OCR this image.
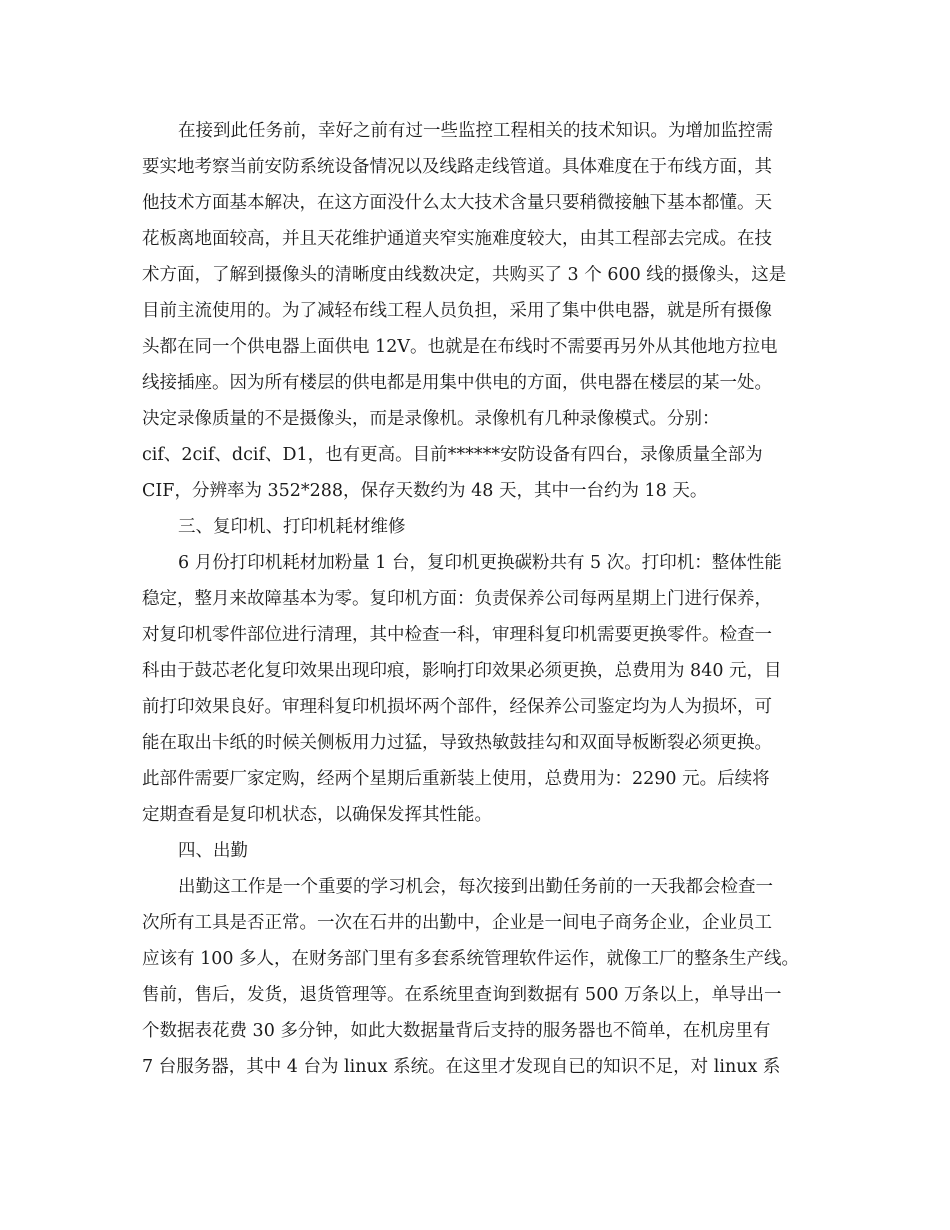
在接到此任务前，幸好之前有过一些监控工程相关的技术知识。为增加监控需
要实地考察当前安防系统设备情况以及线路走线管道。具体难度在于布线方面，其
他技术方面基本解决，在这方面没什么太大技术含量只要稍微接触下基本都懂。天
花板离地面较高，并且天花维护通道夹窄实施难度较大，由其工程部去完成。在技
术方面，了解到摄像头的清晰度由线数决定，共购买了 3 个 600 线的摄像头，这是
目前主流使用的。为了减轻布线工程人员负担，采用了集中供电器，就是所有摄像
头都在同一个供电器上面供电 12V。也就是在布线时不需要再另外从其他地方拉电
线接插座。因为所有楼层的供电都是用集中供电的方面，供电器在楼层的某一处。
决定录像质量的不是摄像头，而是录像机。录像机有几种录像模式。分别：
cif、2cif、dcif、D1，也有更高。目前******安防设备有四台，录像质量全部为
CIF，分辨率为 352*288，保存天数约为 48 天，其中一台约为 18 天。
三、复印机、打印机耗材维修
6 月份打印机耗材加粉量 1 台，复印机更换碳粉共有 5 次。打印机：整体性能
稳定，整月来故障基本为零。复印机方面：负责保养公司每两星期上门进行保养，
对复印机零件部位进行清理，其中检查一科，审理科复印机需要更换零件。检查一
科由于鼓芯老化复印效果出现印痕，影响打印效果必须更换，总费用为 840 元，目
前打印效果良好。审理科复印机损坏两个部件，经保养公司鉴定均为人为损坏，可
能在取出卡纸的时候关侧板用力过猛，导致热敏鼓挂勾和双面导板断裂必须更换。
此部件需要厂家定购，经两个星期后重新装上使用，总费用为：2290 元。后续将
定期查看是复印机状态，以确保发挥其性能。
四、出勤
出勤这工作是一个重要的学习机会，每次接到出勤任务前的一天我都会检查一
次所有工具是否正常。一次在石井的出勤中，企业是一间电子商务企业，企业员工
应该有 100 多人，在财务部门里有多套系统管理软件运作，就像工厂的整条生产线。
售前，售后，发货，退货管理等。在系统里查询到数据有 500 万条以上，单导出一
个数据表花费 30 多分钟，如此大数据量背后支持的服务器也不简单，在机房里有
7 台服务器，其中 4 台为 linux 系统。在这里才发现自已的知识不足，对 linux 系
